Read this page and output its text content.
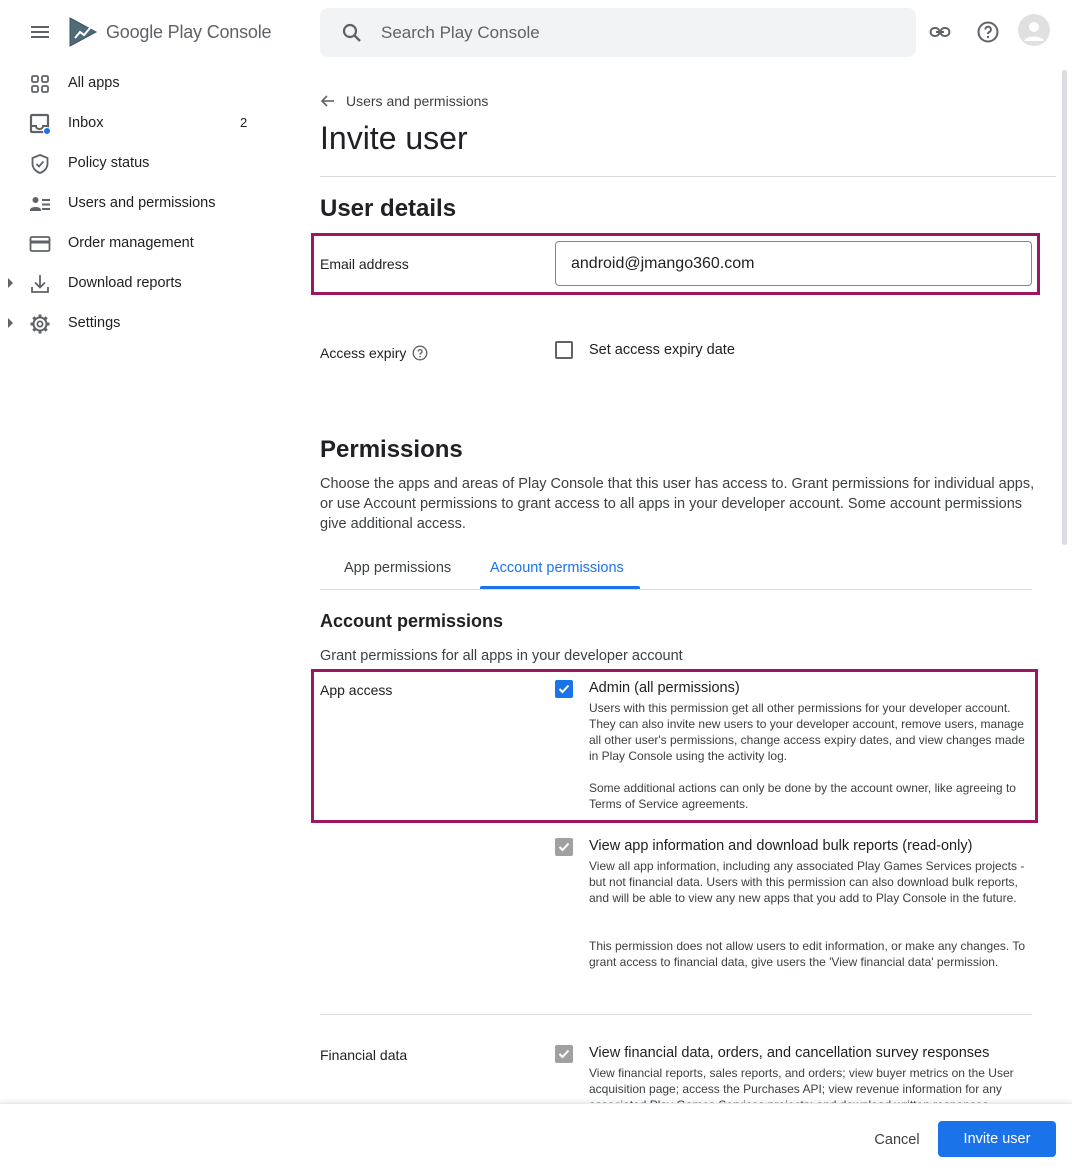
Google Play Console	Search Play Console
All apps
Inbox	2
Policy status
Users and permissions
Order management
Download reports
Settings
Users and permissions
Invite user
User details
Email address	android@jmango360.com
Access expiry	Set access expiry date
Permissions

Choose the apps and areas of Play Console that this user has access to. Grant permissions for individual apps, or use Account permissions to grant access to all apps in your developer account. Some account permissions give additional access.

App permissions	Account permissions
Account permissions
Grant permissions for all apps in your developer account
App access	Admin (all permissions)

Users with this permission get all other permissions for your developer account. They can also invite new users to your developer account, remove users, manage all other user's permissions, change access expiry dates, and view changes made in Play Console using the activity log.

Some additional actions can only be done by the account owner, like agreeing to Terms of Service agreements.

View app information and download bulk reports (read-only)

View all app information, including any associated Play Games Services projects - but not financial data. Users with this permission can also download bulk reports, and will be able to view any new apps that you add to Play Console in the future.

This permission does not allow users to edit information, or make any changes. To grant access to financial data, give users the 'View financial data' permission.

Financial data	View financial data, orders, and cancellation survey responses

View financial reports, sales reports, and orders; view buyer metrics on the User acquisition page; access the Purchases API; view revenue information for any

Cancel	Invite user
